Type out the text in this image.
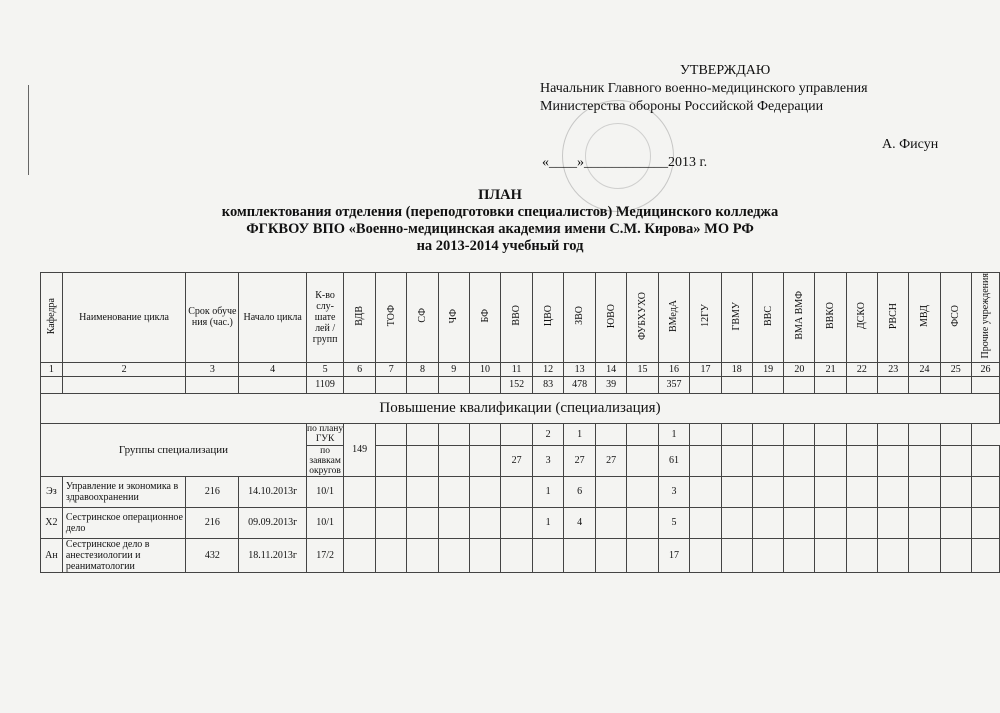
УТВЕРЖДАЮ
Начальник Главного военно-медицинского управления
Министерства обороны Российской Федерации
А. Фисун
«____»____________2013 г.
ПЛАН
комплектования отделения (переподготовки специалистов) Медицинского колледжа
ФГКВОУ ВПО «Военно-медицинская академия имени С.М. Кирова» МО РФ
на 2013-2014 учебный год
Кафедра	Наименование цикла	Срок обуче ния (час.)	Начало цикла	К-во слу-шате лей / групп	ВДВ	ТОФ	СФ	ЧФ	БФ	ВВО	ЦВО	ЗВО	ЮВО	ФУБХУХО	ВМедА	12ГУ	ГВМУ	ВВС	ВМА ВМФ	ВВКО	ДСКО	РВСН	МВД	ФСО	Прочие учреждения
1	2	3	4	5	6	7	8	9	10	11	12	13	14	15	16	17	18	19	20	21	22	23	24	25	26
				1109						152	83	478	39		357										
Повышение квалификации (специализация)																									
Группы специализации				по плану ГУК	149						2	1			1										
				по заявкам округов						27	3	27	27		61										
Эз	Управление и экономика в здравоохранении	216	14.10.2013г	10/1							1	6			3										
Х2	Сестринское операционное дело	216	09.09.2013г	10/1							1	4			5										
Ан	Сестринское дело в анестезиологии и реаниматологии	432	18.11.2013г	17/2											17										
